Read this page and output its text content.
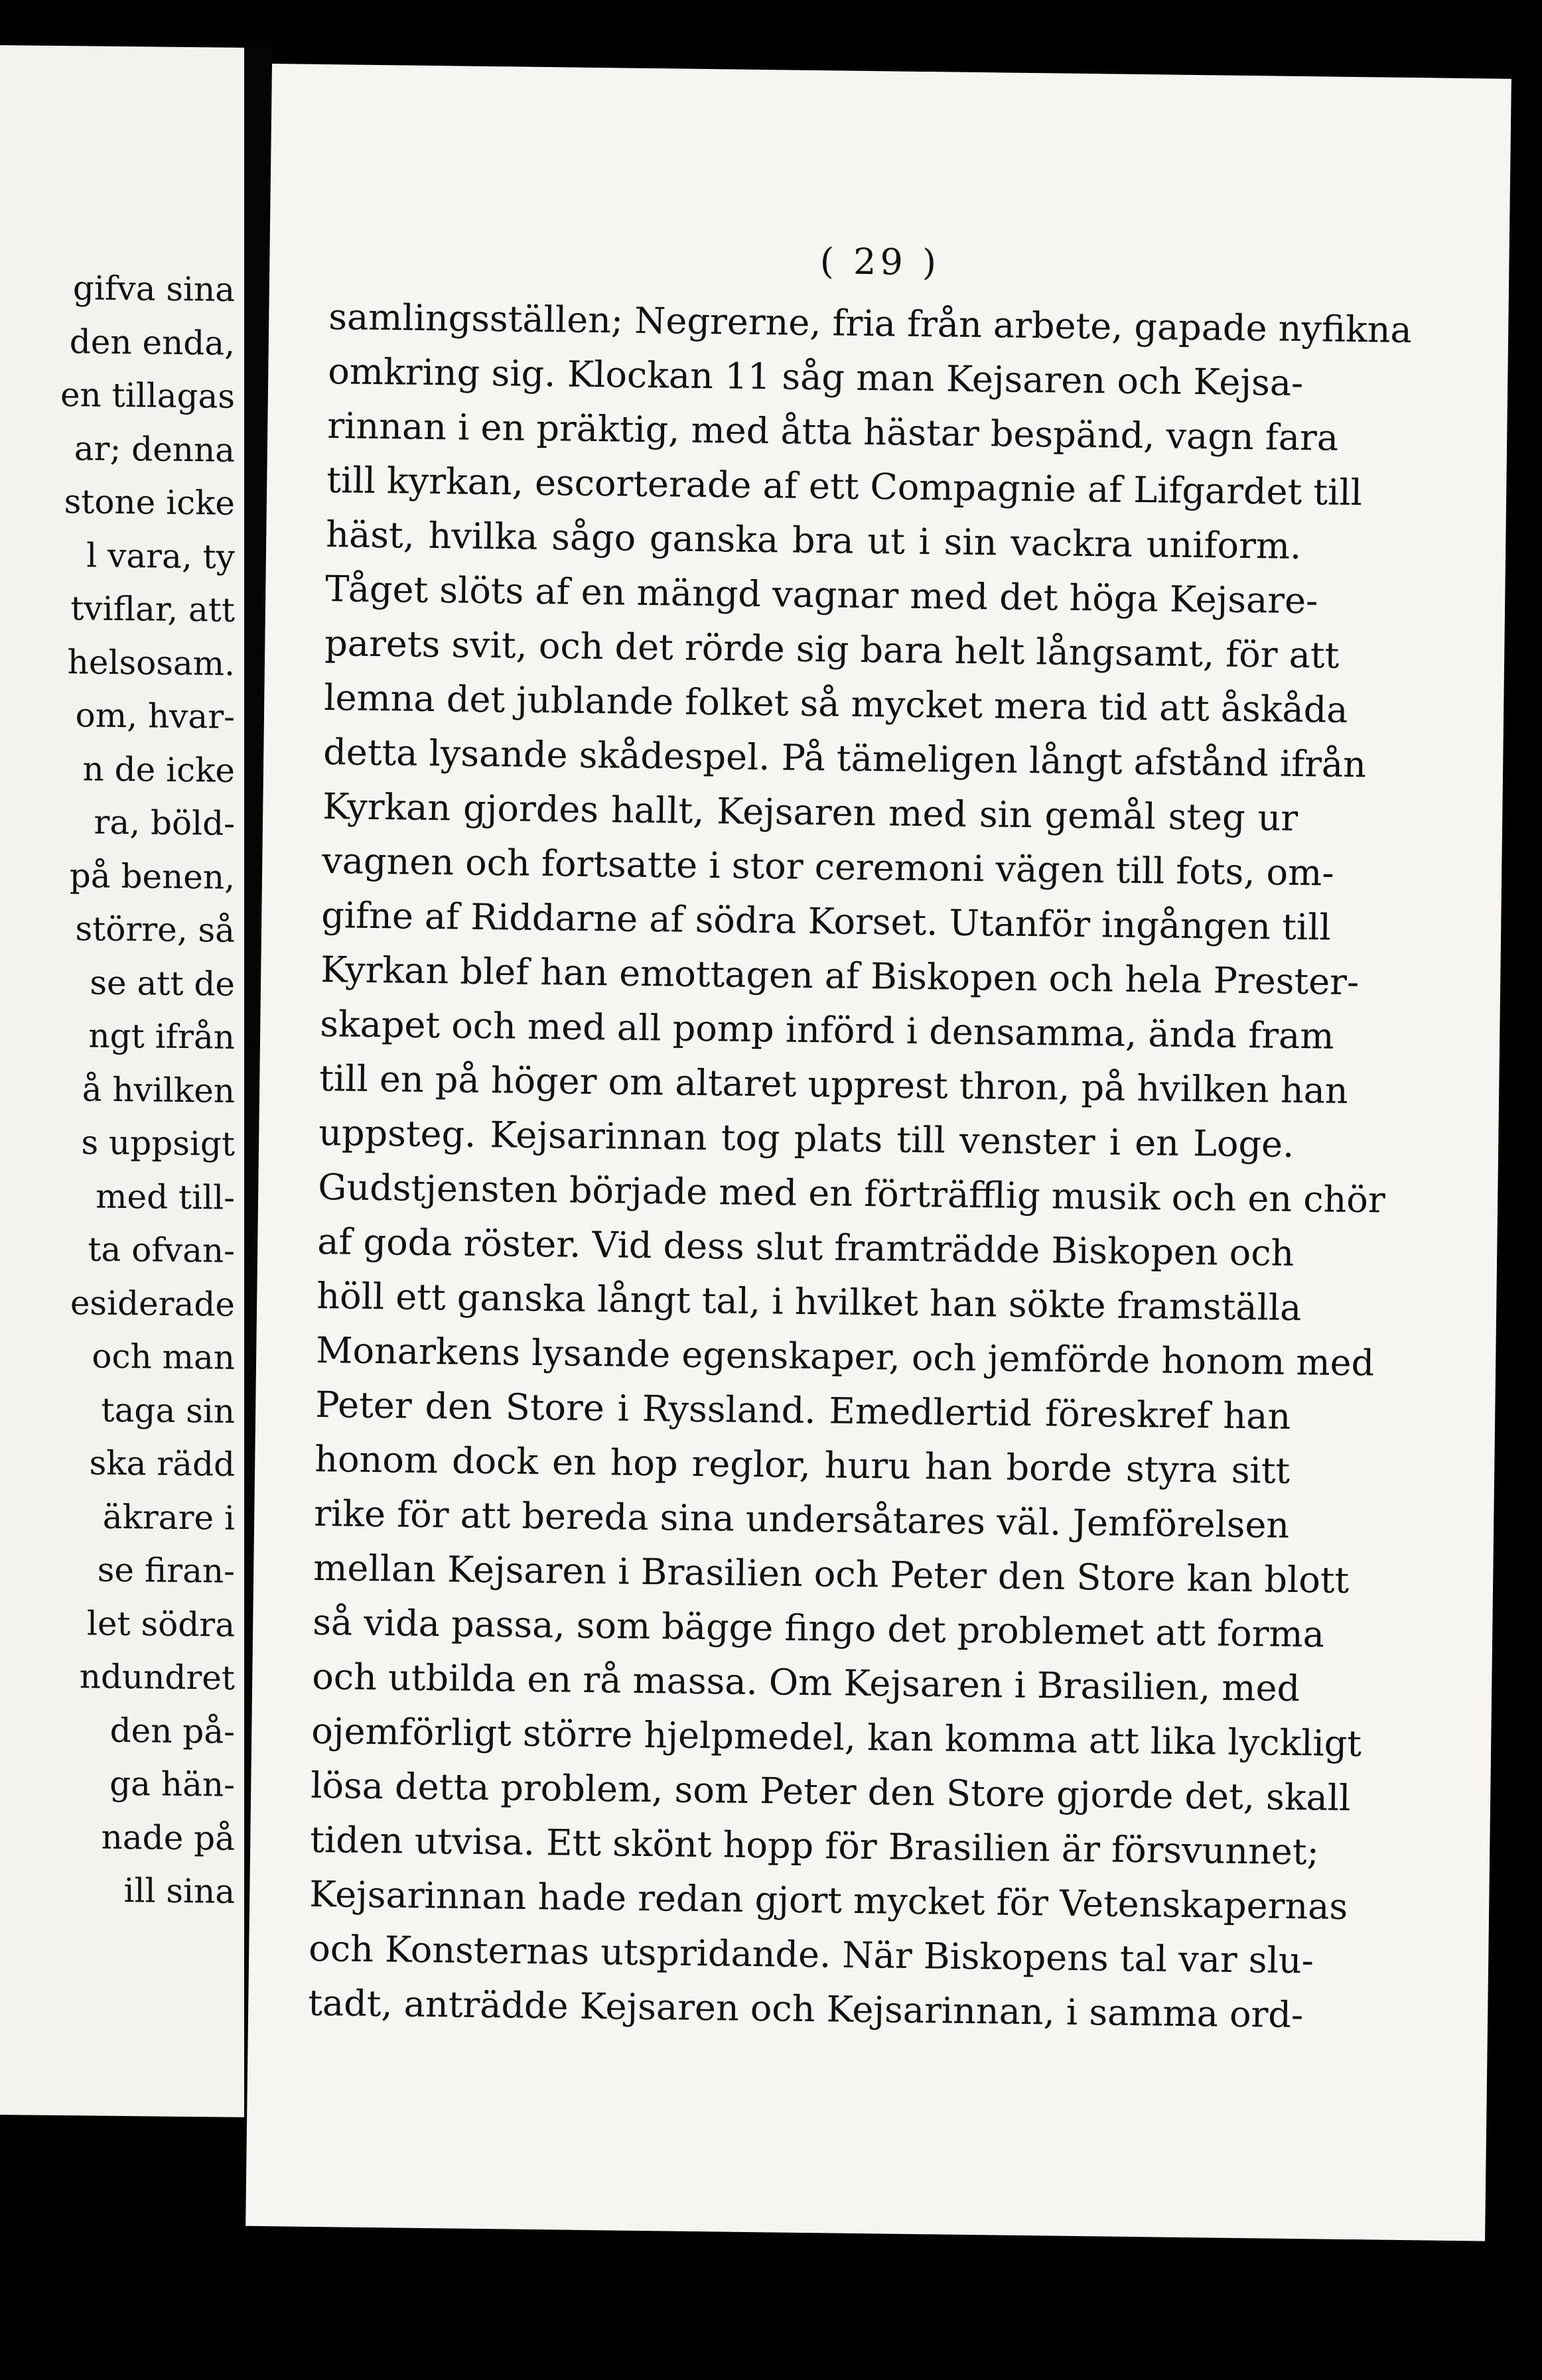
gifva sina
den enda,
en tillagas
ar; denna
stone icke
l vara, ty
tviflar, att
helsosam.
om, hvar-
n de icke
ra, böld-
på benen,
större, så
se att de
ngt ifrån
å hvilken
s uppsigt
med till-
ta ofvan-
esiderade
och man
taga sin
ska rädd
äkrare i
se firan-
let södra
ndundret
den på-
ga hän-
nade på
ill sina
( 29 )
samlingsställen; Negrerne, fria från arbete, gapade nyfikna
omkring sig. Klockan 11 såg man Kejsaren och Kejsa-
rinnan i en präktig, med åtta hästar bespänd, vagn fara
till kyrkan, escorterade af ett Compagnie af Lifgardet till
häst, hvilka sågo ganska bra ut i sin vackra uniform.
Tåget slöts af en mängd vagnar med det höga Kejsare-
parets svit, och det rörde sig bara helt långsamt, för att
lemna det jublande folket så mycket mera tid att åskåda
detta lysande skådespel. På tämeligen långt afstånd ifrån
Kyrkan gjordes hallt, Kejsaren med sin gemål steg ur
vagnen och fortsatte i stor ceremoni vägen till fots, om-
gifne af Riddarne af södra Korset. Utanför ingången till
Kyrkan blef han emottagen af Biskopen och hela Prester-
skapet och med all pomp införd i densamma, ända fram
till en på höger om altaret upprest thron, på hvilken han
uppsteg. Kejsarinnan tog plats till venster i en Loge.
Gudstjensten började med en förträfflig musik och en chör
af goda röster. Vid dess slut framträdde Biskopen och
höll ett ganska långt tal, i hvilket han sökte framställa
Monarkens lysande egenskaper, och jemförde honom med
Peter den Store i Ryssland. Emedlertid föreskref han
honom dock en hop reglor, huru han borde styra sitt
rike för att bereda sina undersåtares väl. Jemförelsen
mellan Kejsaren i Brasilien och Peter den Store kan blott
så vida passa, som bägge fingo det problemet att forma
och utbilda en rå massa. Om Kejsaren i Brasilien, med
ojemförligt större hjelpmedel, kan komma att lika lyckligt
lösa detta problem, som Peter den Store gjorde det, skall
tiden utvisa. Ett skönt hopp för Brasilien är försvunnet;
Kejsarinnan hade redan gjort mycket för Vetenskapernas
och Konsternas utspridande. När Biskopens tal var slu-
tadt, anträdde Kejsaren och Kejsarinnan, i samma ord-
